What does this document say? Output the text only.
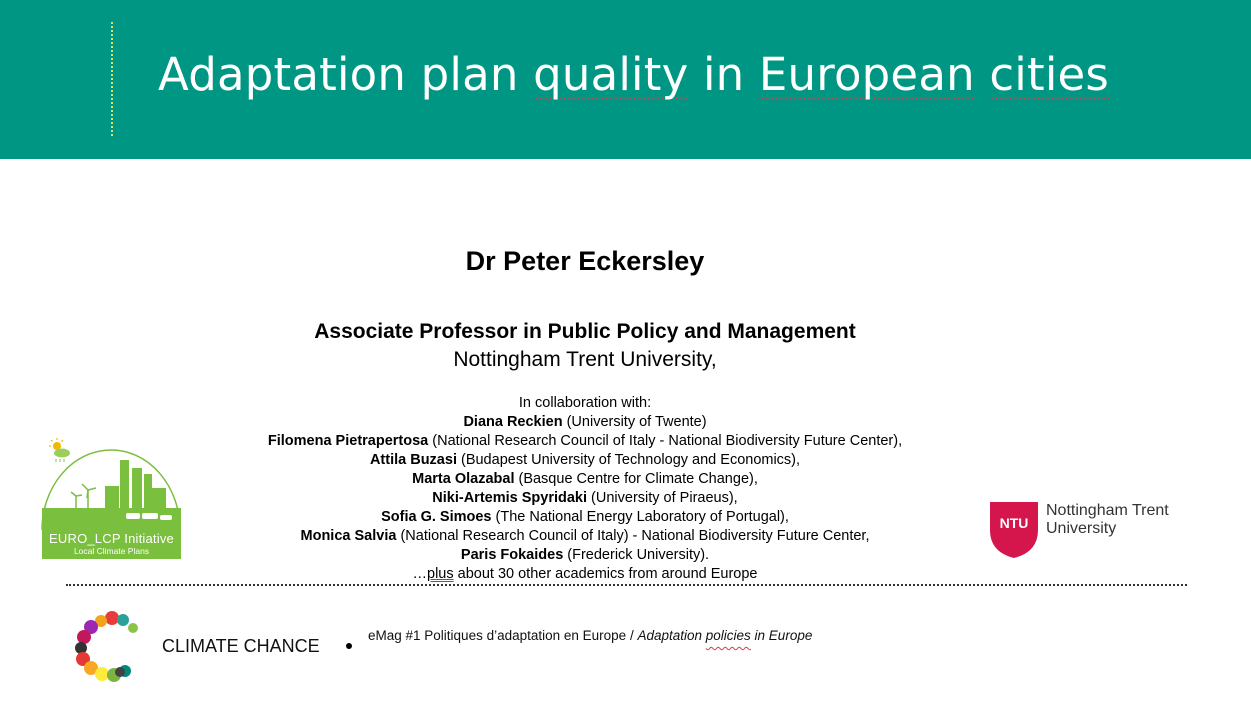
Adaptation plan quality in European cities
Dr Peter Eckersley
Associate Professor in Public Policy and Management
Nottingham Trent University,
In collaboration with:
Diana Reckien (University of Twente)
Filomena Pietrapertosa (National Research Council of Italy - National Biodiversity Future Center),
Attila Buzasi (Budapest University of Technology and Economics),
Marta Olazabal (Basque Centre for Climate Change),
Niki-Artemis Spyridaki (University of Piraeus),
Sofia G. Simoes (The National Energy Laboratory of Portugal),
Monica Salvia (National Research Council of Italy) - National Biodiversity Future Center,
Paris Fokaides (Frederick University).
…plus about 30 other academics from around Europe
EURO_LCP Initiative
Local Climate Plans
NTU
Nottingham Trent
University
CLIMATE CHANCE
eMag #1 Politiques d’adaptation en Europe / Adaptation policies in Europe
